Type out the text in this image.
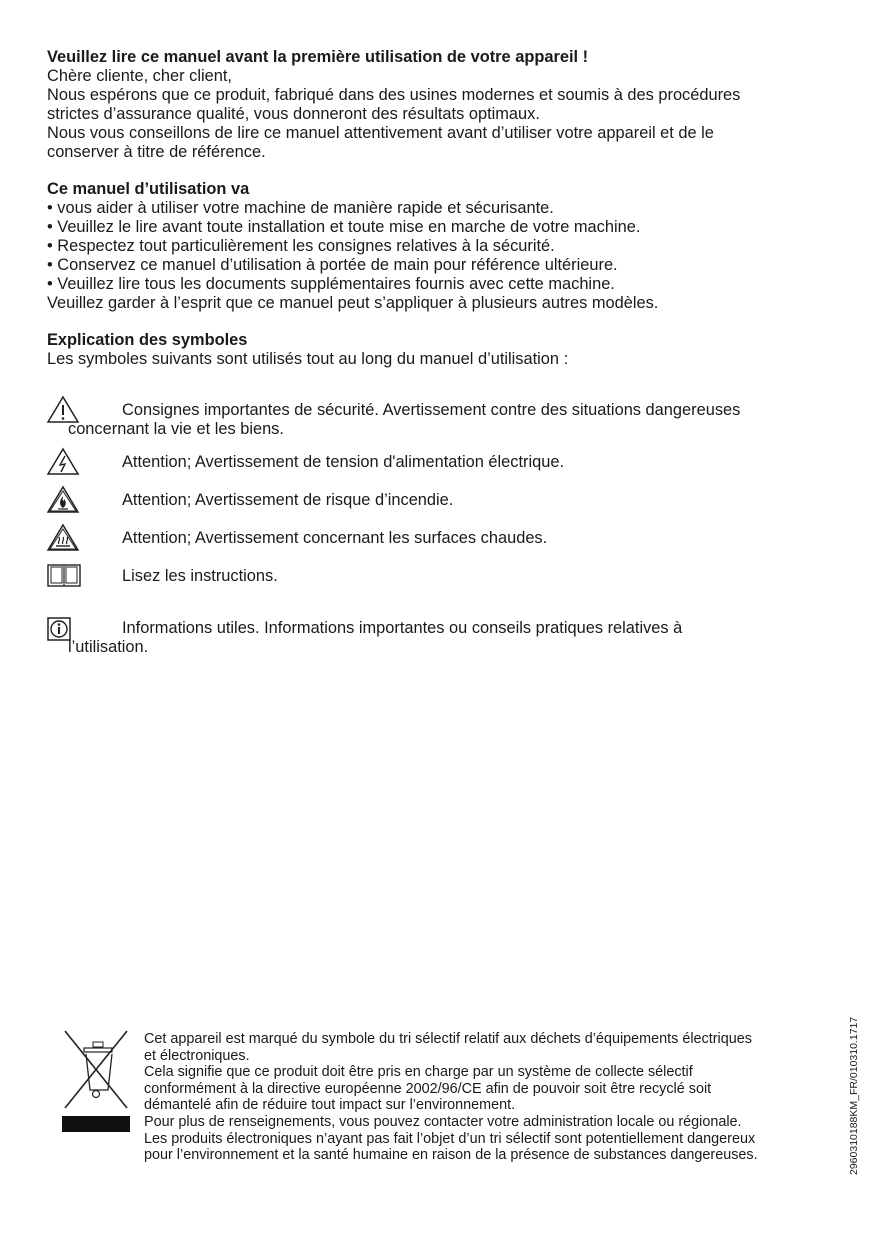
Veuillez lire ce manuel avant la première utilisation de votre appareil !

Chère cliente, cher client,

Nous espérons que ce produit, fabriqué dans des usines modernes et soumis à des procédures

strictes d’assurance qualité, vous donneront des résultats optimaux.

Nous vous conseillons de lire ce manuel attentivement avant d’utiliser votre appareil et de le

conserver à titre de référence.

Ce manuel d’utilisation va

• vous aider à utiliser votre machine de manière rapide et sécurisante.

• Veuillez le lire avant toute installation et toute mise en marche de votre machine.

• Respectez tout particulièrement les consignes relatives à la sécurité.

• Conservez ce manuel d’utilisation à portée de main pour référence ultérieure.

• Veuillez lire tous les documents supplémentaires fournis avec cette machine.

Veuillez garder à l’esprit que ce manuel peut s’appliquer à plusieurs autres modèles.

Explication des symboles

Les symboles suivants sont utilisés tout au long du manuel d’utilisation :

Consignes importantes de sécurité. Avertissement contre des situations dangereuses

concernant la vie et les biens.

Attention; Avertissement de tension d'alimentation électrique.

Attention; Avertissement de risque d’incendie.

Attention; Avertissement concernant les surfaces chaudes.

Lisez les instructions.

Informations utiles. Informations importantes ou conseils pratiques relatives à

l’utilisation.

Cet appareil est marqué du symbole du tri sélectif relatif aux déchets d’équipements électriques

et électroniques.

Cela signifie que ce produit doit être pris en charge par un système de collecte sélectif

conformément à la directive européenne 2002/96/CE afin de pouvoir soit être recyclé soit

démantelé afin de réduire tout impact sur l’environnement.

Pour plus de renseignements, vous pouvez contacter votre administration locale ou régionale.

Les produits électroniques n’ayant pas fait l’objet d’un tri sélectif sont potentiellement dangereux

pour l’environnement et la santé humaine en raison de la présence de substances dangereuses.	2960310188KM_FR/010310.1717
